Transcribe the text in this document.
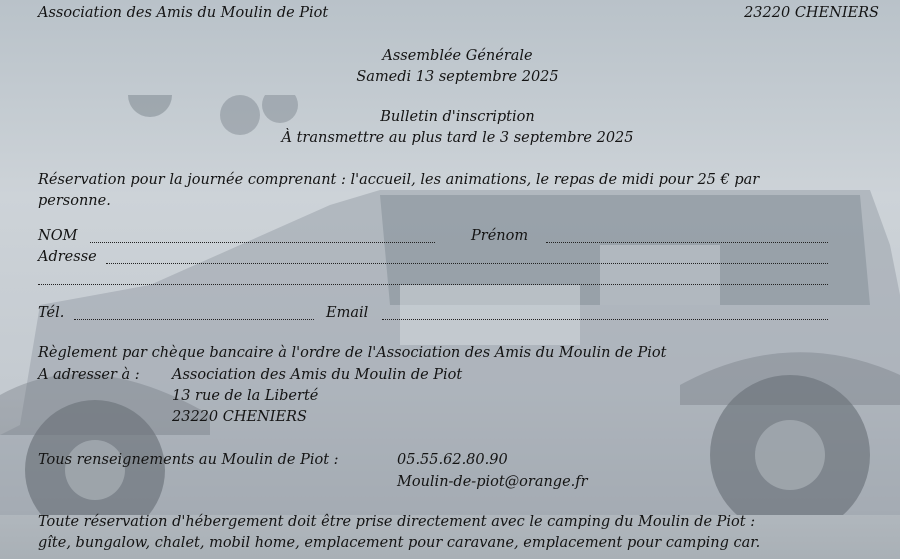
Association des Amis du Moulin de Piot	23220 CHENIERS
Assemblée Générale
Samedi 13 septembre 2025
Bulletin d'inscription
À transmettre au plus tard le 3 septembre 2025
Réservation pour la journée comprenant : l'accueil, les animations, le repas de midi pour 25 € par
personne.
NOM	Prénom
Adresse
Tél.	Email
Règlement par chèque bancaire à l'ordre de l'Association des Amis du Moulin de Piot
A adresser à : Association des Amis du Moulin de Piot
13 rue de la Liberté
23220 CHENIERS
Tous renseignements au Moulin de Piot :	05.55.62.80.90
Moulin-de-piot@orange.fr
Toute réservation d'hébergement doit être prise directement avec le camping du Moulin de Piot :
gîte, bungalow, chalet, mobil home, emplacement pour caravane, emplacement pour camping car.
